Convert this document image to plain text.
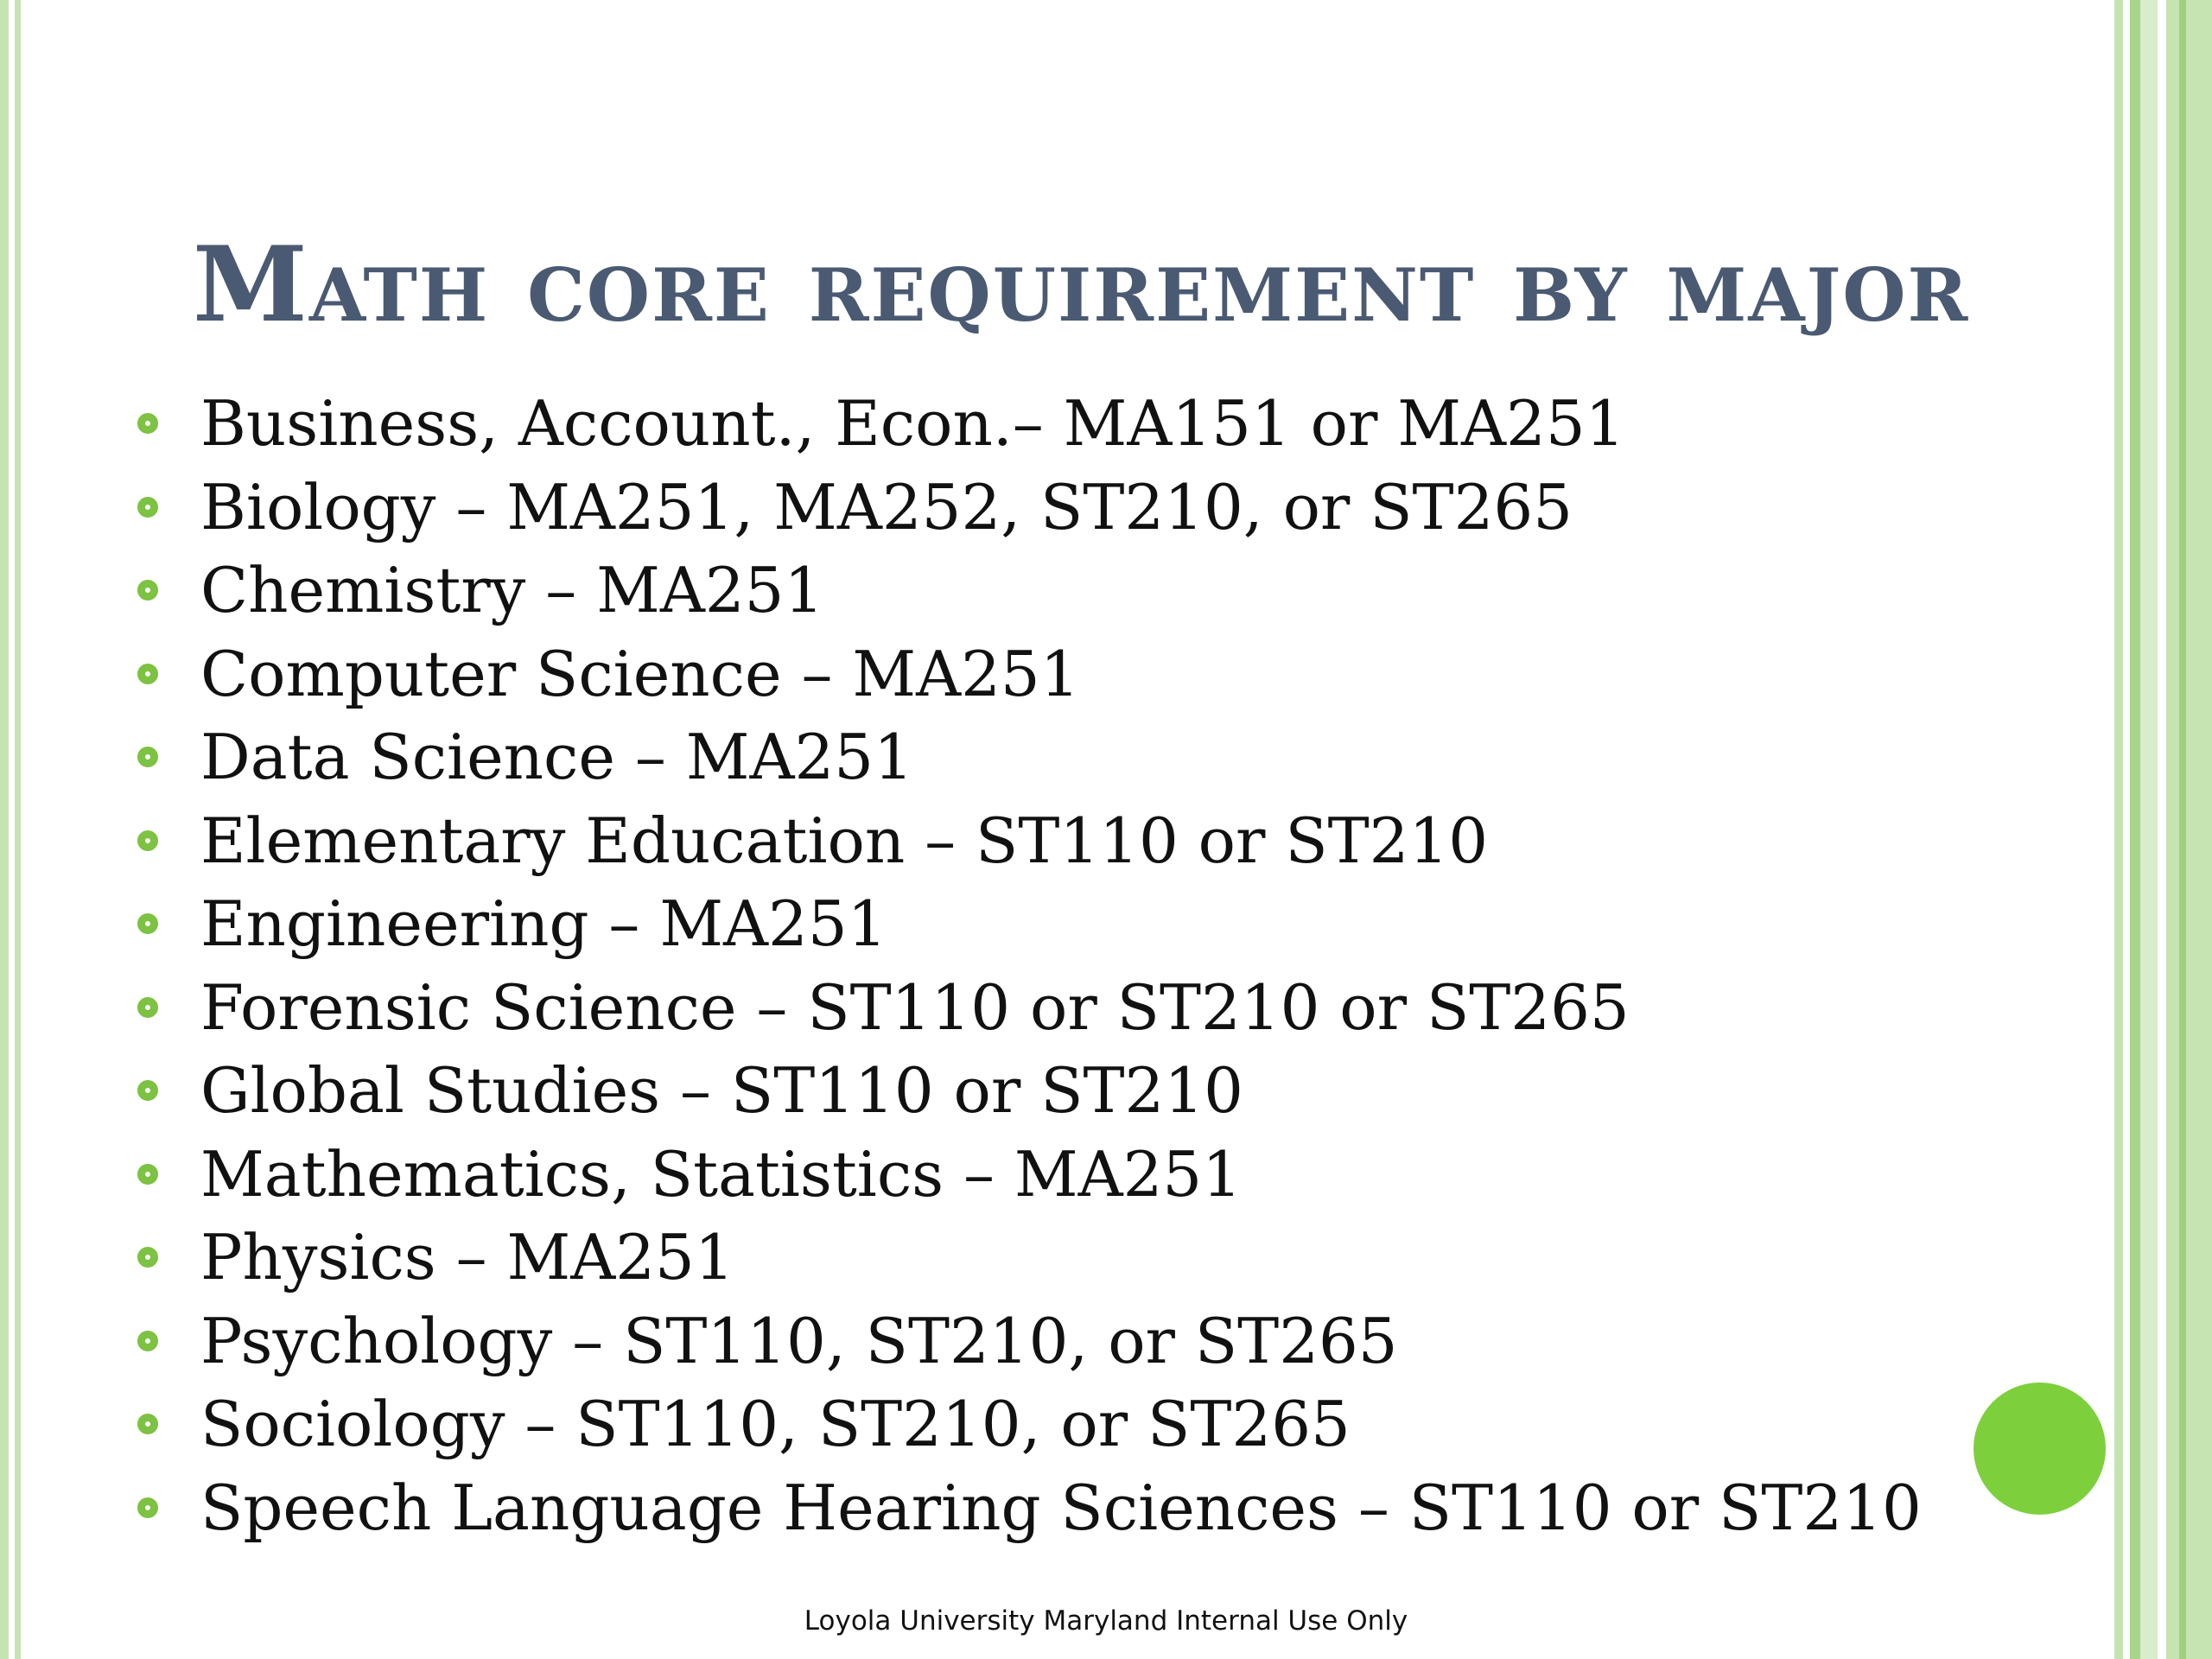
Math core requirement by major
Business, Account., Econ.– MA151 or MA251
Biology – MA251, MA252, ST210, or ST265
Chemistry – MA251
Computer Science – MA251
Data Science – MA251
Elementary Education – ST110 or ST210
Engineering – MA251
Forensic Science – ST110 or ST210 or ST265
Global Studies – ST110 or ST210
Mathematics, Statistics – MA251
Physics – MA251
Psychology – ST110, ST210, or ST265
Sociology – ST110, ST210, or ST265
Speech Language Hearing Sciences – ST110 or ST210
Loyola University Maryland Internal Use Only
